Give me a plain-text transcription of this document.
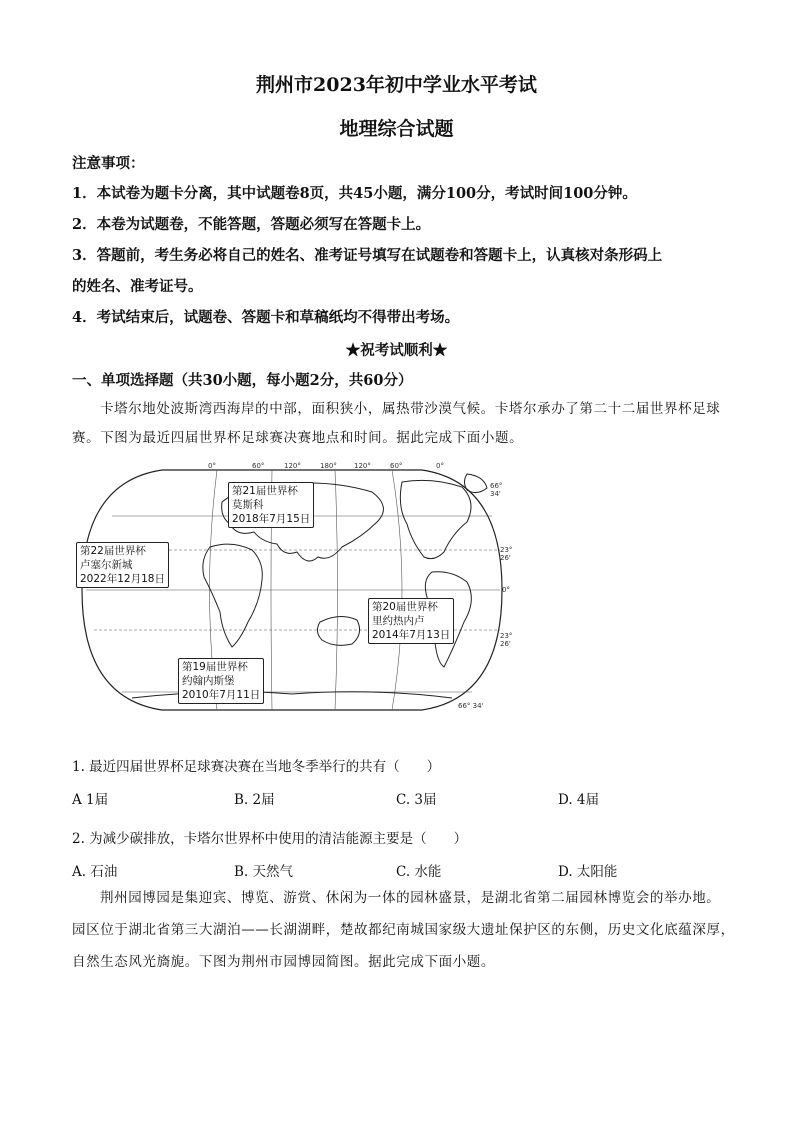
荆州市2023年初中学业水平考试
地理综合试题
注意事项：
1．本试卷为题卡分离，其中试题卷8页，共45小题，满分100分，考试时间100分钟。
2．本卷为试题卷，不能答题，答题必须写在答题卡上。
3．答题前，考生务必将自己的姓名、准考证号填写在试题卷和答题卡上，认真核对条形码上
的姓名、准考证号。
4．考试结束后，试题卷、答题卡和草稿纸均不得带出考场。
★祝考试顺利★
一、单项选择题（共30小题，每小题2分，共60分）
卡塔尔地处波斯湾西海岸的中部，面积狭小，属热带沙漠气候。卡塔尔承办了第二十二届世界杯足球
赛。下图为最近四届世界杯足球赛决赛地点和时间。据此完成下面小题。
0°	60°	120°	180° 120°	60°	0°
66° 34'
23° 26'
0°
23° 26'
66° 34'
第21届世界杯
莫斯科
2018年7月15日
第22届世界杯
卢塞尔新城
2022年12月18日
第20届世界杯
里约热内卢
2014年7月13日
第19届世界杯
约翰内斯堡
2010年7月11日
1. 最近四届世界杯足球赛决赛在当地冬季举行的共有（　　）
A 1届	B. 2届	C. 3届	D. 4届
2. 为减少碳排放，卡塔尔世界杯中使用的清洁能源主要是（　　）
A. 石油	B. 天然气	C. 水能	D. 太阳能
荆州园博园是集迎宾、博览、游赏、休闲为一体的园林盛景，是湖北省第二届园林博览会的举办地。
园区位于湖北省第三大湖泊——长湖湖畔，楚故都纪南城国家级大遗址保护区的东侧，历史文化底蕴深厚，
自然生态风光旖旎。下图为荆州市园博园简图。据此完成下面小题。
